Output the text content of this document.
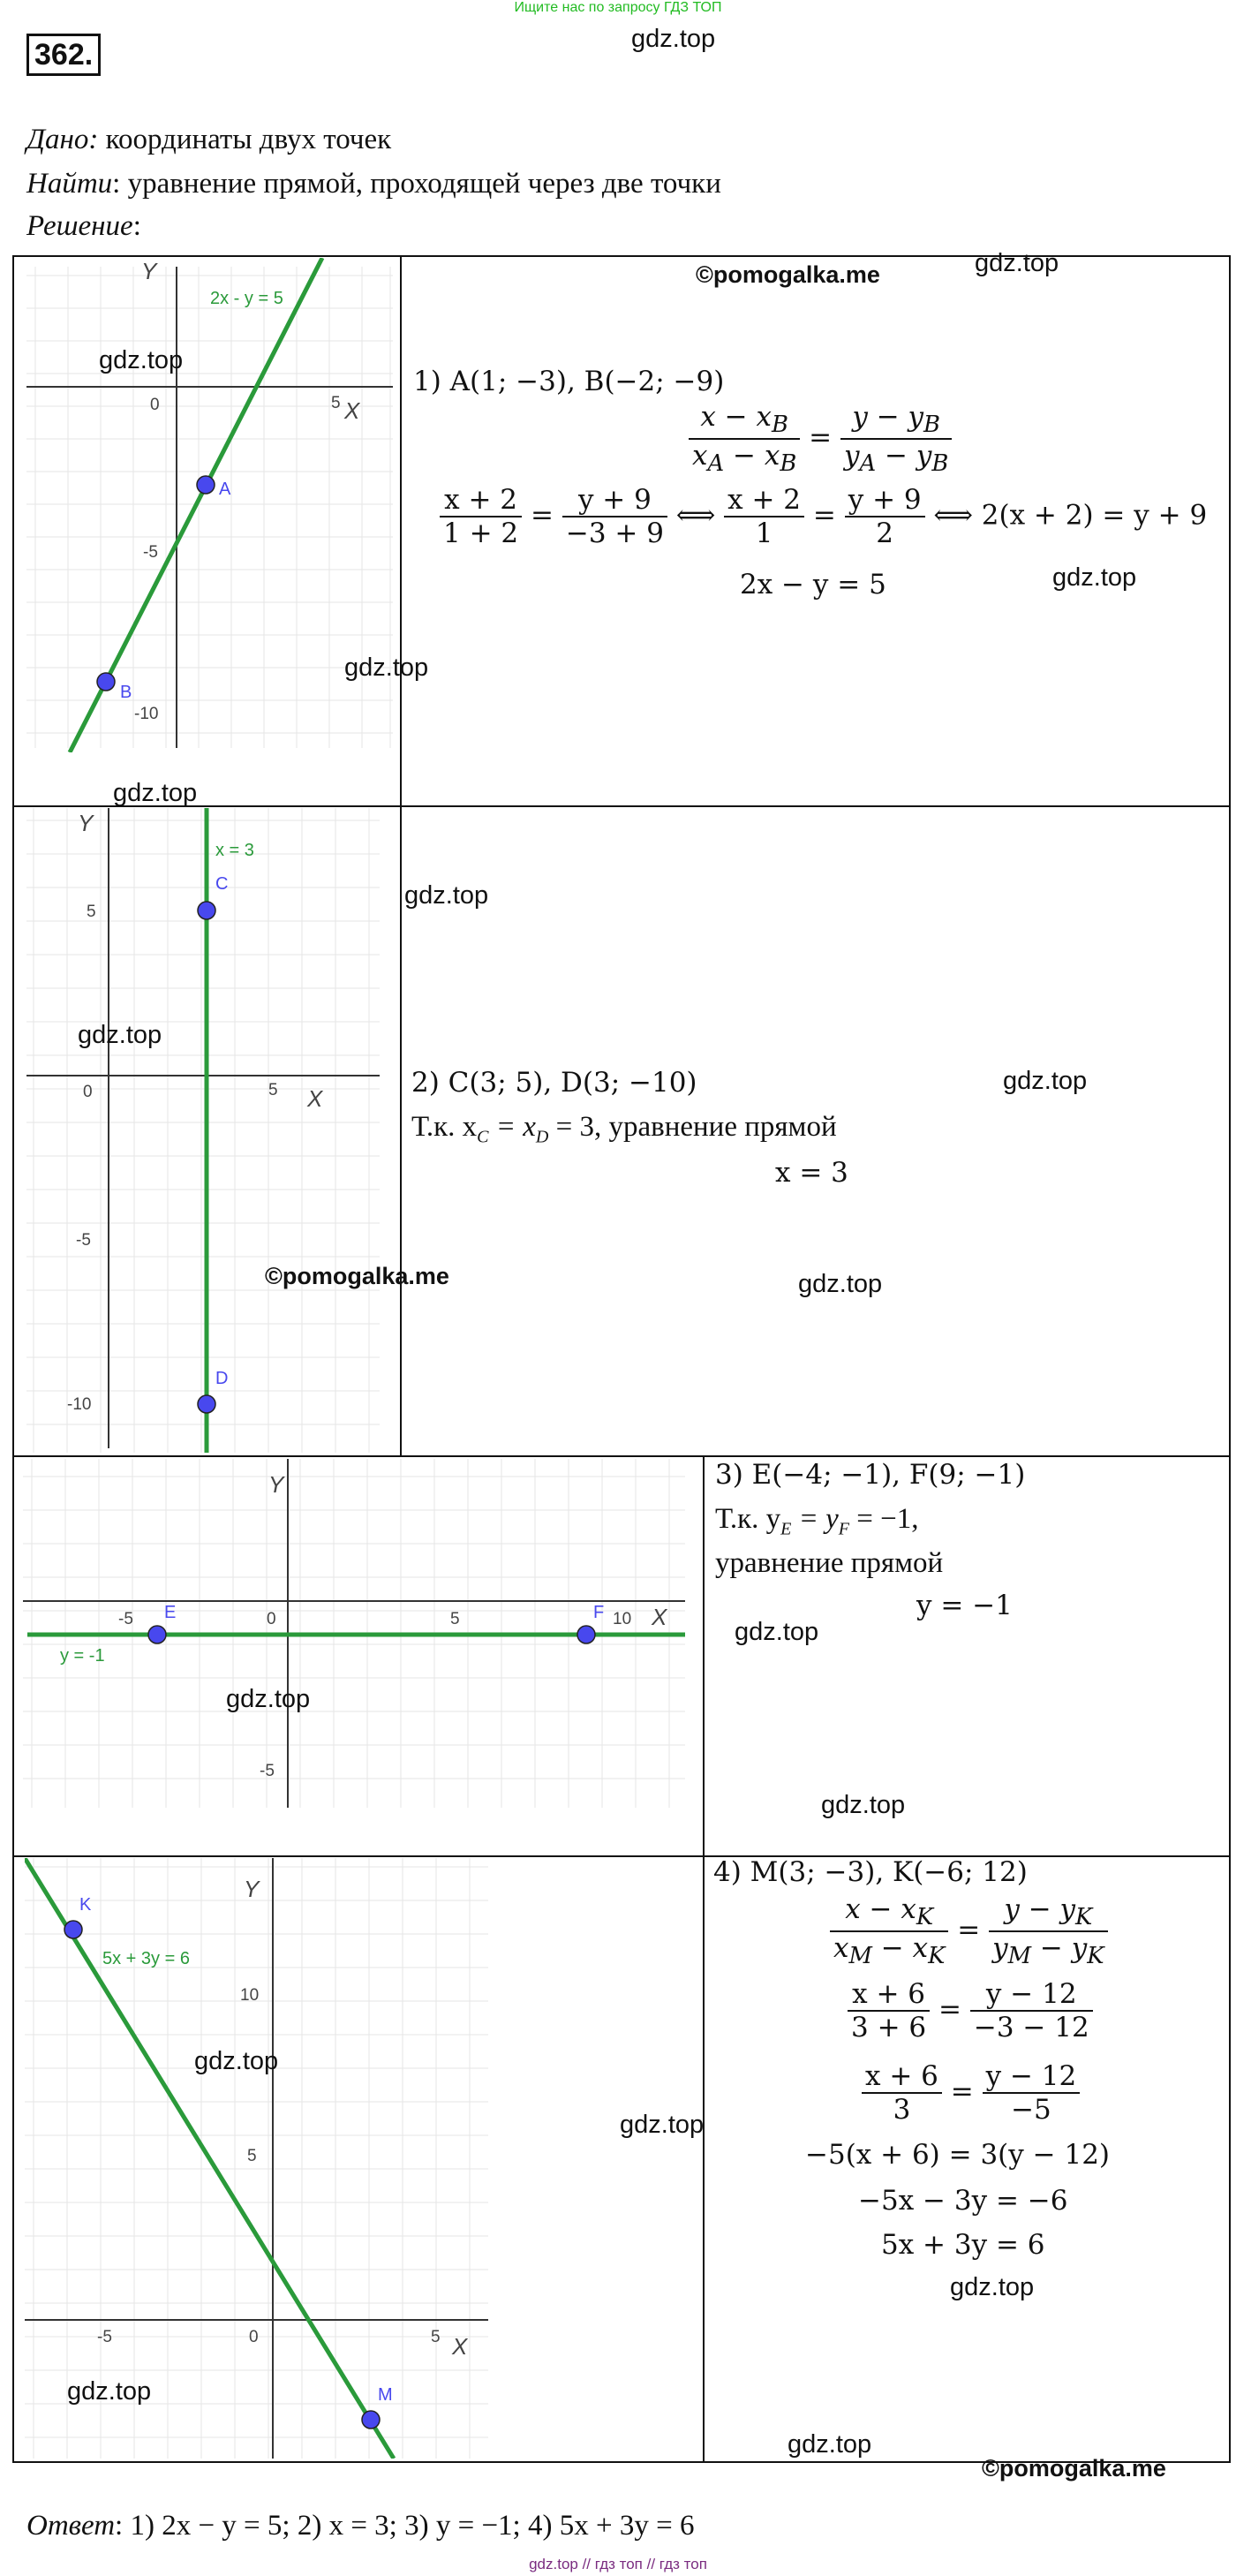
Ищите нас по запросу ГДЗ ТОП
362.	gdz.top
Дано: координаты двух точек
Найти: уравнение прямой, проходящей через две точки
Решение:
Y
X
0	5
-5
-10
2x - y = 5
A
B
1) A(1; −3), B(−2; −9)
$\frac{x - x_B}{x_A - x_B} = \frac{y - y_B}{y_A - y_B}$
$\frac{x + 2}{1 + 2} = \frac{y + 9}{-3 + 9}$ ⟺ $\frac{x + 2}{1} = \frac{y + 9}{2}$ ⟺ 2(x + 2) = y + 9
2x − y = 5
Y
X
0	5
5
-5
-10
x = 3
C
D
2) C(3; 5), D(3; −10)
Т.к. $x_C = x_D = 3$, уравнение прямой
x = 3
Y
X
0
-5	5	10
-5
y = -1
E	F
3) E(−4; −1), F(9; −1)
Т.к. $y_E = y_F = -1$,
уравнение прямой
y = −1
Y
X
0
-5	5
10
5
5x + 3y = 6
K
M
4) M(3; −3), K(−6; 12)
$\frac{x - x_K}{x_M - x_K} = \frac{y - y_K}{y_M - y_K}$
$\frac{x + 6}{3 + 6} = \frac{y - 12}{-3 - 12}$
$\frac{x + 6}{3} = \frac{y - 12}{-5}$
−5(x + 6) = 3(y − 12)
−5x − 3y = −6
5x + 3y = 6
gdz.top
gdz.top
gdz.top
gdz.top
gdz.top
gdz.top
gdz.top
gdz.top
gdz.top
gdz.top
gdz.top
gdz.top
gdz.top
gdz.top
gdz.top
gdz.top
gdz.top
©pomogalka.me
©pomogalka.me
©pomogalka.me
Ответ: 1) 2x − y = 5; 2) x = 3; 3) y = −1; 4) 5x + 3y = 6
gdz.top // гдз топ // гдз топ
